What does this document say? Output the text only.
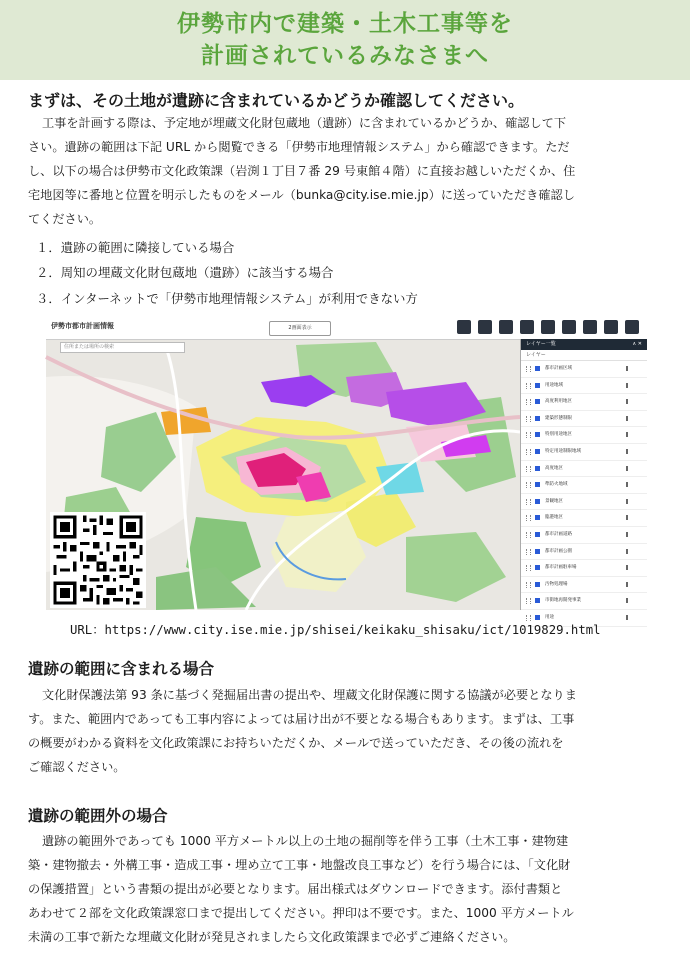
伊勢市内で建築・土木工事等を
計画されているみなさまへ
まずは、その土地が遺跡に含まれているかどうか確認してください。
工事を計画する際は、予定地が埋蔵文化財包蔵地（遺跡）に含まれているかどうか、確認して下
さい。遺跡の範囲は下記 URL から閲覧できる「伊勢市地理情報システム」から確認できます。ただ
し、以下の場合は伊勢市文化政策課（岩渕１丁目７番 29 号東館４階）に直接お越しいただくか、住
宅地図等に番地と位置を明示したものをメール（bunka@city.ise.mie.jp）に送っていただき確認し
てください。
１．遺跡の範囲に隣接している場合
２．周知の埋蔵文化財包蔵地（遺跡）に該当する場合
３．インターネットで「伊勢市地理情報システム」が利用できない方
伊勢市都市計画情報	2画面表示
住所または場所の検索	レイヤー一覧	∧ ✕
レイヤー
都市計画区域
用途地域
高度利用地区
建築形態制限
特別用途地区
特定用途制限地域
高度地区
準防火地域
景観地区
臨港地区
都市計画道路
都市計画公園
都市計画駐車場
汚物処理場
市街地再開発事業
用途
URL：https://www.city.ise.mie.jp/shisei/keikaku_shisaku/ict/1019829.html
遺跡の範囲に含まれる場合
文化財保護法第 93 条に基づく発掘届出書の提出や、埋蔵文化財保護に関する協議が必要となりま
す。また、範囲内であっても工事内容によっては届け出が不要となる場合もあります。まずは、工事
の概要がわかる資料を文化政策課にお持ちいただくか、メールで送っていただき、その後の流れを
ご確認ください。
遺跡の範囲外の場合
遺跡の範囲外であっても 1000 平方メートル以上の土地の掘削等を伴う工事（土木工事・建物建
築・建物撤去・外構工事・造成工事・埋め立て工事・地盤改良工事など）を行う場合には、「文化財
の保護措置」という書類の提出が必要となります。届出様式はダウンロードできます。添付書類と
あわせて２部を文化政策課窓口まで提出してください。押印は不要です。また、1000 平方メートル
未満の工事で新たな埋蔵文化財が発見されましたら文化政策課まで必ずご連絡ください。
